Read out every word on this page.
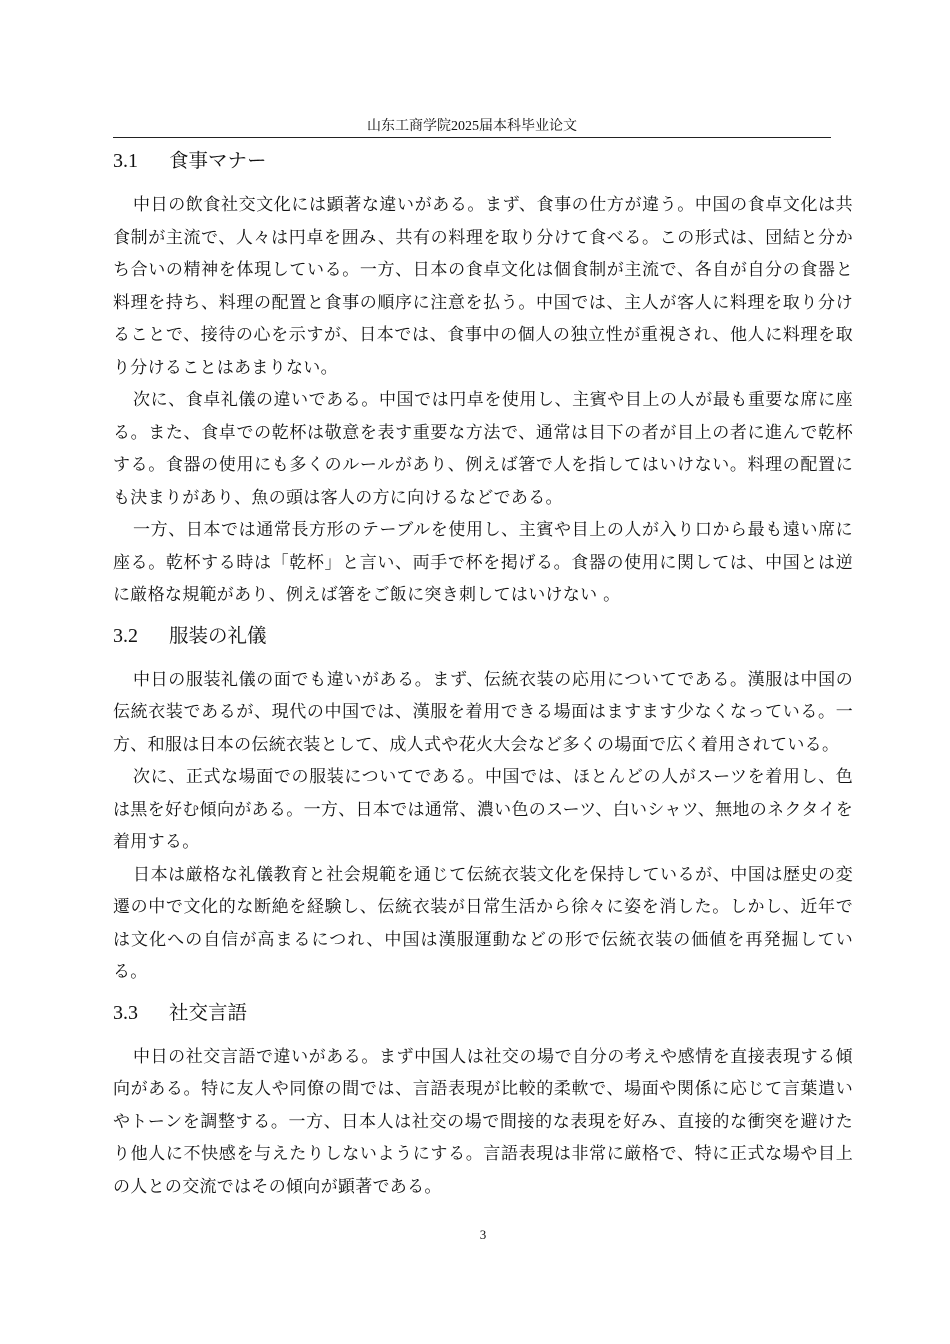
山东工商学院2025届本科毕业论文
3.1 食事マナー

中日の飲食社交文化には顕著な違いがある。まず、食事の仕方が違う。中国の食卓文化は共食制が主流で、人々は円卓を囲み、共有の料理を取り分けて食べる。この形式は、団結と分かち合いの精神を体現している。一方、日本の食卓文化は個食制が主流で、各自が自分の食器と料理を持ち、料理の配置と食事の順序に注意を払う。中国では、主人が客人に料理を取り分けることで、接待の心を示すが、日本では、食事中の個人の独立性が重視され、他人に料理を取り分けることはあまりない。

次に、食卓礼儀の違いである。中国では円卓を使用し、主賓や目上の人が最も重要な席に座る。また、食卓での乾杯は敬意を表す重要な方法で、通常は目下の者が目上の者に進んで乾杯する。食器の使用にも多くのルールがあり、例えば箸で人を指してはいけない。料理の配置にも決まりがあり、魚の頭は客人の方に向けるなどである。

一方、日本では通常長方形のテーブルを使用し、主賓や目上の人が入り口から最も遠い席に座る。乾杯する時は「乾杯」と言い、両手で杯を掲げる。食器の使用に関しては、中国とは逆に厳格な規範があり、例えば箸をご飯に突き刺してはいけない 。

3.2 服装の礼儀

中日の服装礼儀の面でも違いがある。まず、伝統衣装の応用についてである。漢服は中国の伝統衣装であるが、現代の中国では、漢服を着用できる場面はますます少なくなっている。一方、和服は日本の伝統衣装として、成人式や花火大会など多くの場面で広く着用されている。

次に、正式な場面での服装についてである。中国では、ほとんどの人がスーツを着用し、色は黒を好む傾向がある。一方、日本では通常、濃い色のスーツ、白いシャツ、無地のネクタイを着用する。

日本は厳格な礼儀教育と社会規範を通じて伝統衣装文化を保持しているが、中国は歴史の変遷の中で文化的な断絶を経験し、伝統衣装が日常生活から徐々に姿を消した。しかし、近年では文化への自信が高まるにつれ、中国は漢服運動などの形で伝統衣装の価値を再発掘している。

3.3 社交言語

中日の社交言語で違いがある。まず中国人は社交の場で自分の考えや感情を直接表現する傾向がある。特に友人や同僚の間では、言語表現が比較的柔軟で、場面や関係に応じて言葉遣いやトーンを調整する。一方、日本人は社交の場で間接的な表現を好み、直接的な衝突を避けたり他人に不快感を与えたりしないようにする。言語表現は非常に厳格で、特に正式な場や目上の人との交流ではその傾向が顕著である。

3
